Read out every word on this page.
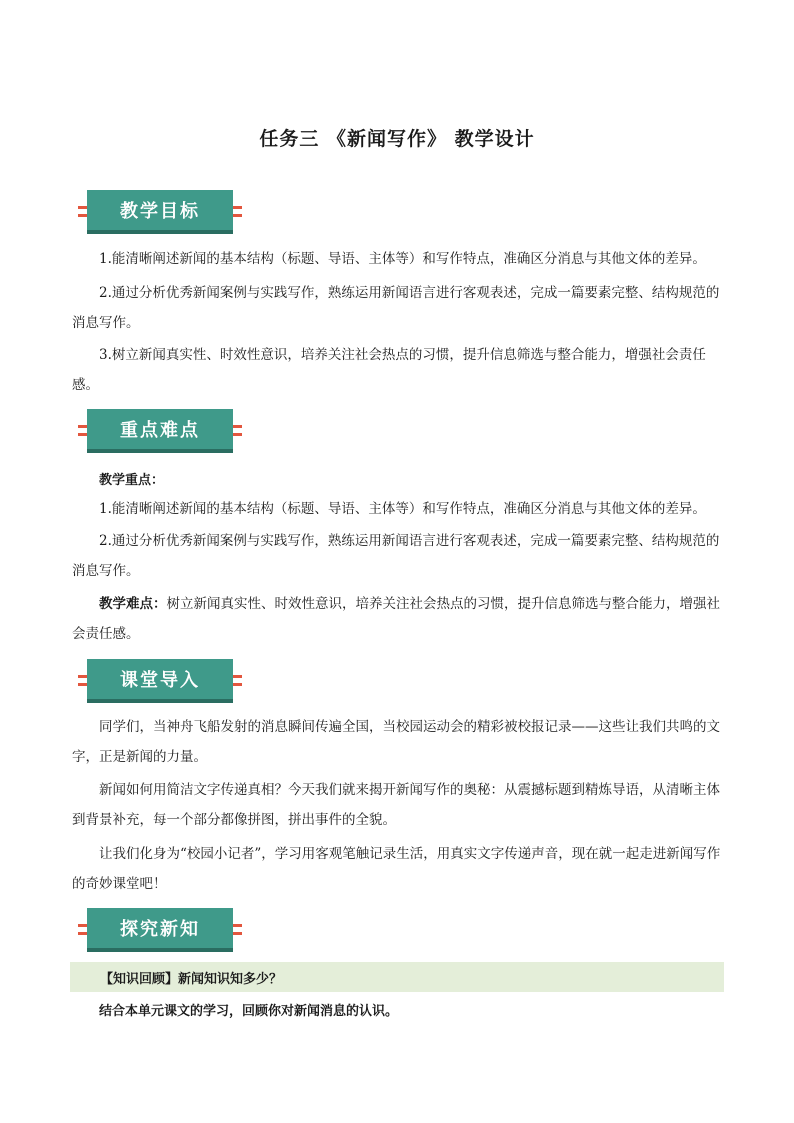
任务三 《新闻写作》 教学设计
教学目标

1.能清晰阐述新闻的基本结构（标题、导语、主体等）和写作特点，准确区分消息与其他文体的差异。

2.通过分析优秀新闻案例与实践写作，熟练运用新闻语言进行客观表述，完成一篇要素完整、结构规范的消息写作。

3.树立新闻真实性、时效性意识，培养关注社会热点的习惯，提升信息筛选与整合能力，增强社会责任感。

重点难点

教学重点：

1.能清晰阐述新闻的基本结构（标题、导语、主体等）和写作特点，准确区分消息与其他文体的差异。

2.通过分析优秀新闻案例与实践写作，熟练运用新闻语言进行客观表述，完成一篇要素完整、结构规范的消息写作。

教学难点：树立新闻真实性、时效性意识，培养关注社会热点的习惯，提升信息筛选与整合能力，增强社会责任感。

课堂导入

同学们，当神舟飞船发射的消息瞬间传遍全国，当校园运动会的精彩被校报记录——这些让我们共鸣的文字，正是新闻的力量。

新闻如何用简洁文字传递真相？今天我们就来揭开新闻写作的奥秘：从震撼标题到精炼导语，从清晰主体到背景补充，每一个部分都像拼图，拼出事件的全貌。

让我们化身为“校园小记者”，学习用客观笔触记录生活，用真实文字传递声音，现在就一起走进新闻写作的奇妙课堂吧！

探究新知
【知识回顾】新闻知识知多少？

结合本单元课文的学习，回顾你对新闻消息的认识。
